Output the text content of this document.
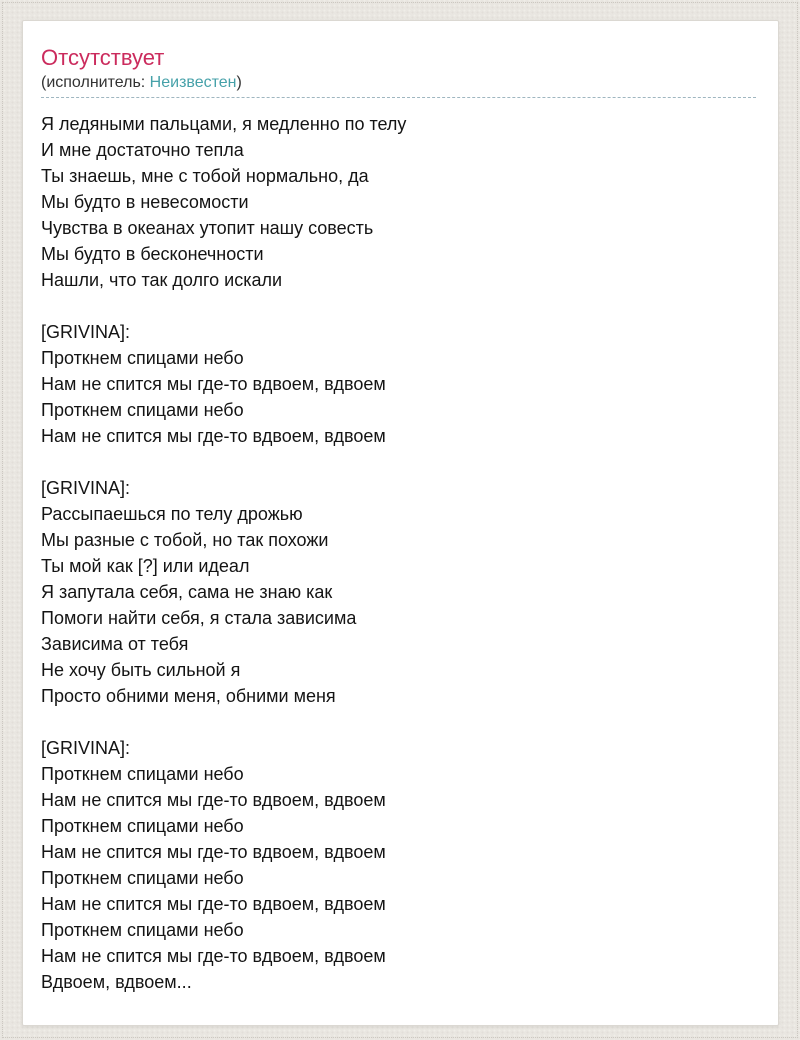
Отсутствует
(исполнитель: Неизвестен)
Я ледяными пальцами, я медленно по телу
И мне достаточно тепла
Ты знаешь, мне с тобой нормально, да
Мы будто в невесомости
Чувства в океанах утопит нашу совесть
Мы будто в бесконечности
Нашли, что так долго искали
[GRIVINA]:
Проткнем спицами небо
Нам не спится мы где-то вдвоем, вдвоем
Проткнем спицами небо
Нам не спится мы где-то вдвоем, вдвоем
[GRIVINA]:
Рассыпаешься по телу дрожью
Мы разные с тобой, но так похожи
Ты мой как [?] или идеал
Я запутала себя, сама не знаю как
Помоги найти себя, я стала зависима
Зависима от тебя
Не хочу быть сильной я
Просто обними меня, обними меня
[GRIVINA]:
Проткнем спицами небо
Нам не спится мы где-то вдвоем, вдвоем
Проткнем спицами небо
Нам не спится мы где-то вдвоем, вдвоем
Проткнем спицами небо
Нам не спится мы где-то вдвоем, вдвоем
Проткнем спицами небо
Нам не спится мы где-то вдвоем, вдвоем
Вдвоем, вдвоем...
